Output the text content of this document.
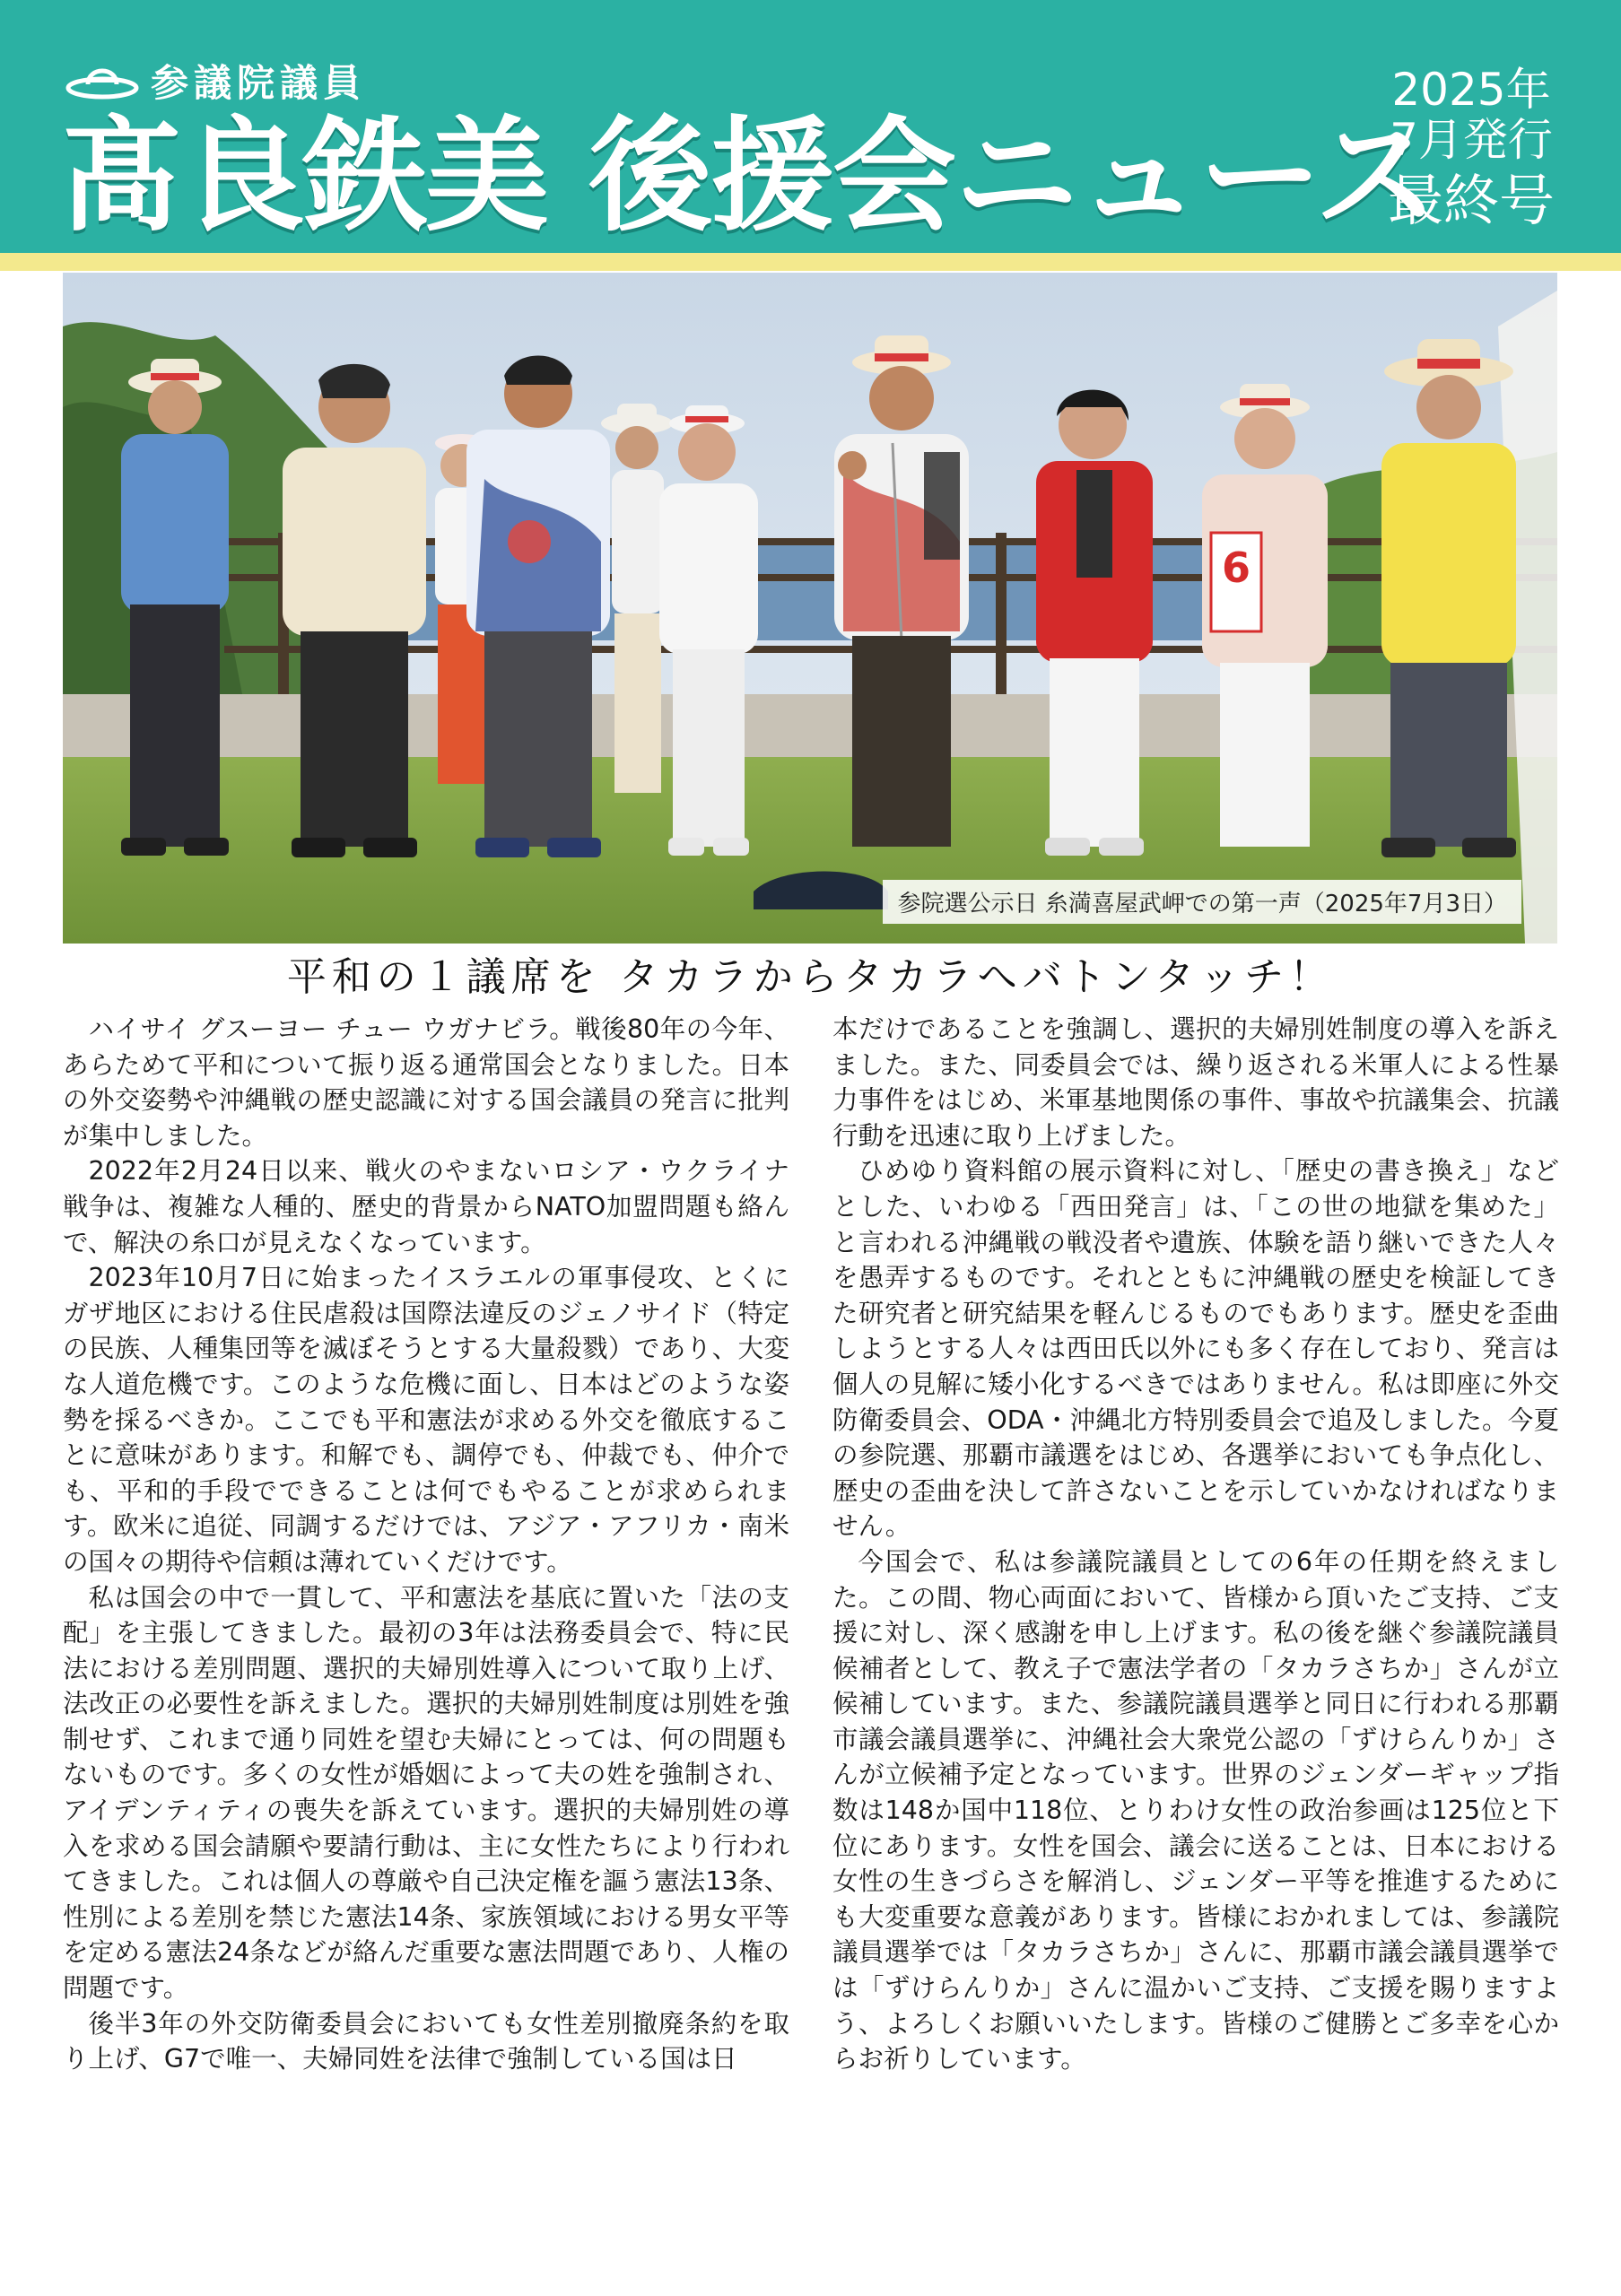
参議院議員
髙良鉄美 後援会ニュース
2025年
7月発行
最終号
6
参院選公示日 糸満喜屋武岬での第一声（2025年7月3日）
平和の１議席を タカラからタカラへバトンタッチ！

ハイサイ グスーヨー チュー ウガナビラ。戦後80年の今年、あらためて平和について振り返る通常国会となりました。日本の外交姿勢や沖縄戦の歴史認識に対する国会議員の発言に批判が集中しました。

2022年2月24日以来、戦火のやまないロシア・ウクライナ戦争は、複雑な人種的、歴史的背景からNATO加盟問題も絡んで、解決の糸口が見えなくなっています。

2023年10月7日に始まったイスラエルの軍事侵攻、とくにガザ地区における住民虐殺は国際法違反のジェノサイド（特定の民族、人種集団等を滅ぼそうとする大量殺戮）であり、大変な人道危機です。このような危機に面し、日本はどのような姿勢を採るべきか。ここでも平和憲法が求める外交を徹底することに意味があります。和解でも、調停でも、仲裁でも、仲介でも、平和的手段でできることは何でもやることが求められます。欧米に追従、同調するだけでは、アジア・アフリカ・南米の国々の期待や信頼は薄れていくだけです。

私は国会の中で一貫して、平和憲法を基底に置いた「法の支配」を主張してきました。最初の3年は法務委員会で、特に民法における差別問題、選択的夫婦別姓導入について取り上げ、法改正の必要性を訴えました。選択的夫婦別姓制度は別姓を強制せず、これまで通り同姓を望む夫婦にとっては、何の問題もないものです。多くの女性が婚姻によって夫の姓を強制され、アイデンティティの喪失を訴えています。選択的夫婦別姓の導入を求める国会請願や要請行動は、主に女性たちにより行われてきました。これは個人の尊厳や自己決定権を謳う憲法13条、性別による差別を禁じた憲法14条、家族領域における男女平等を定める憲法24条などが絡んだ重要な憲法問題であり、人権の問題です。

後半3年の外交防衛委員会においても女性差別撤廃条約を取り上げ、G7で唯一、夫婦同姓を法律で強制している国は日

本だけであることを強調し、選択的夫婦別姓制度の導入を訴えました。また、同委員会では、繰り返される米軍人による性暴力事件をはじめ、米軍基地関係の事件、事故や抗議集会、抗議行動を迅速に取り上げました。

ひめゆり資料館の展示資料に対し、「歴史の書き換え」などとした、いわゆる「西田発言」は、「この世の地獄を集めた」と言われる沖縄戦の戦没者や遺族、体験を語り継いできた人々を愚弄するものです。それとともに沖縄戦の歴史を検証してきた研究者と研究結果を軽んじるものでもあります。歴史を歪曲しようとする人々は西田氏以外にも多く存在しており、発言は個人の見解に矮小化するべきではありません。私は即座に外交防衛委員会、ODA・沖縄北方特別委員会で追及しました。今夏の参院選、那覇市議選をはじめ、各選挙においても争点化し、歴史の歪曲を決して許さないことを示していかなければなりません。

今国会で、私は参議院議員としての6年の任期を終えました。この間、物心両面において、皆様から頂いたご支持、ご支援に対し、深く感謝を申し上げます。私の後を継ぐ参議院議員候補者として、教え子で憲法学者の「タカラさちか」さんが立候補しています。また、参議院議員選挙と同日に行われる那覇市議会議員選挙に、沖縄社会大衆党公認の「ずけらんりか」さんが立候補予定となっています。世界のジェンダーギャップ指数は148か国中118位、とりわけ女性の政治参画は125位と下位にあります。女性を国会、議会に送ることは、日本における女性の生きづらさを解消し、ジェンダー平等を推進するためにも大変重要な意義があります。皆様におかれましては、参議院議員選挙では「タカラさちか」さんに、那覇市議会議員選挙では「ずけらんりか」さんに温かいご支持、ご支援を賜りますよう、よろしくお願いいたします。皆様のご健勝とご多幸を心からお祈りしています。
